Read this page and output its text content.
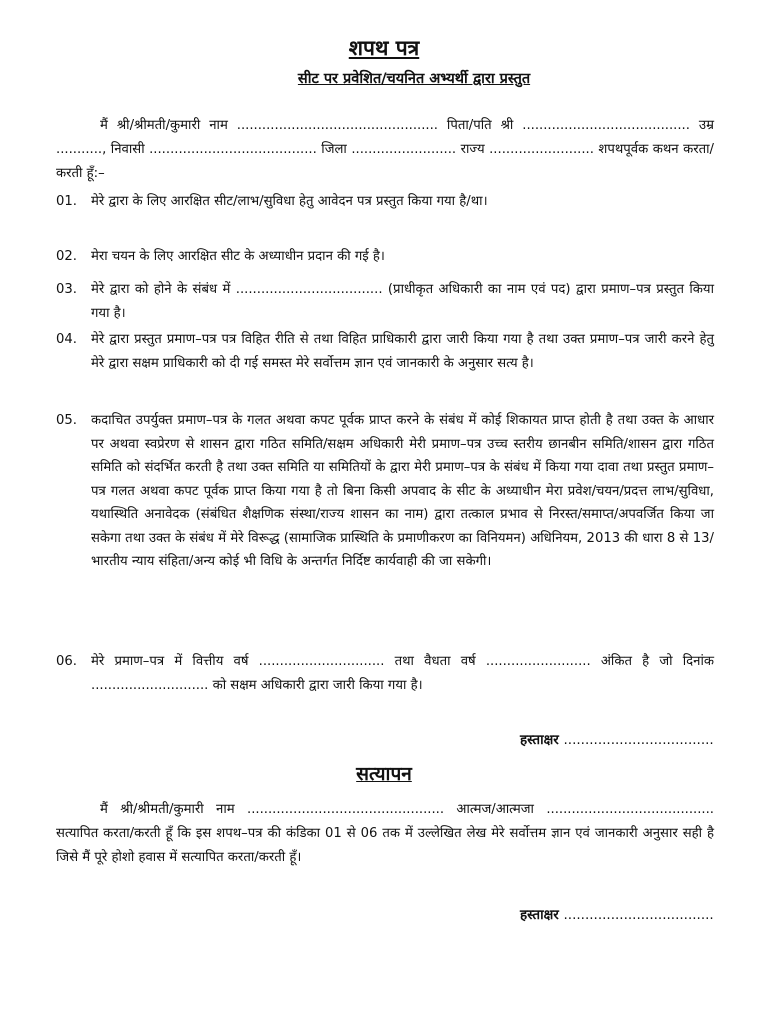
शपथ पत्र
सीट पर प्रवेशित/चयनित अभ्यर्थी द्वारा प्रस्तुत
मैं श्री/श्रीमती/कुमारी नाम ................................................ पिता/पति श्री ........................................ उम्र ..........., निवासी ........................................ जिला ......................... राज्य ......................... शपथपूर्वक कथन करता/करती हूँ:–
01.	मेरे द्वारा के लिए आरक्षित सीट/लाभ/सुविधा हेतु आवेदन पत्र प्रस्तुत किया गया है/था।
02.	मेरा चयन के लिए आरक्षित सीट के अध्याधीन प्रदान की गई है।
03.	मेरे द्वारा को होने के संबंध में ................................... (प्राधीकृत अधिकारी का नाम एवं पद) द्वारा प्रमाण–पत्र प्रस्तुत किया गया है।
04.	मेरे द्वारा प्रस्तुत प्रमाण–पत्र पत्र विहित रीति से तथा विहित प्राधिकारी द्वारा जारी किया गया है तथा उक्त प्रमाण–पत्र जारी करने हेतु मेरे द्वारा सक्षम प्राधिकारी को दी गई समस्त मेरे सर्वोत्तम ज्ञान एवं जानकारी के अनुसार सत्य है।
05.	कदाचित उपर्युक्त प्रमाण–पत्र के गलत अथवा कपट पूर्वक प्राप्त करने के संबंध में कोई शिकायत प्राप्त होती है तथा उक्त के आधार पर अथवा स्वप्रेरण से शासन द्वारा गठित समिति/सक्षम अधिकारी मेरी प्रमाण–पत्र उच्च स्तरीय छानबीन समिति/शासन द्वारा गठित समिति को संदर्भित करती है तथा उक्त समिति या समितियों के द्वारा मेरी प्रमाण–पत्र के संबंध में किया गया दावा तथा प्रस्तुत प्रमाण–पत्र गलत अथवा कपट पूर्वक प्राप्त किया गया है तो बिना किसी अपवाद के सीट के अध्याधीन मेरा प्रवेश/चयन/प्रदत्त लाभ/सुविधा, यथास्थिति अनावेदक (संबंधित शैक्षणिक संस्था/राज्य शासन का नाम) द्वारा तत्काल प्रभाव से निरस्त/समाप्त/अपवर्जित किया जा सकेगा तथा उक्त के संबंध में मेरे विरूद्ध (सामाजिक प्रास्थिति के प्रमाणीकरण का विनियमन) अधिनियम, 2013 की धारा 8 से 13/भारतीय न्याय संहिता/अन्य कोई भी विधि के अन्तर्गत निर्दिष्ट कार्यवाही की जा सकेगी।
06.	मेरे प्रमाण–पत्र में वित्तीय वर्ष .............................. तथा वैधता वर्ष ......................... अंकित है जो दिनांक ............................ को सक्षम अधिकारी द्वारा जारी किया गया है।
हस्ताक्षर ...................................
सत्यापन
मैं श्री/श्रीमती/कुमारी नाम ............................................... आत्मज/आत्मजा ........................................ सत्यापित करता/करती हूँ कि इस शपथ–पत्र की कंडिका 01 से 06 तक में उल्लेखित लेख मेरे सर्वोत्तम ज्ञान एवं जानकारी अनुसार सही है जिसे मैं पूरे होशो हवास में सत्यापित करता/करती हूँ।
हस्ताक्षर ...................................
